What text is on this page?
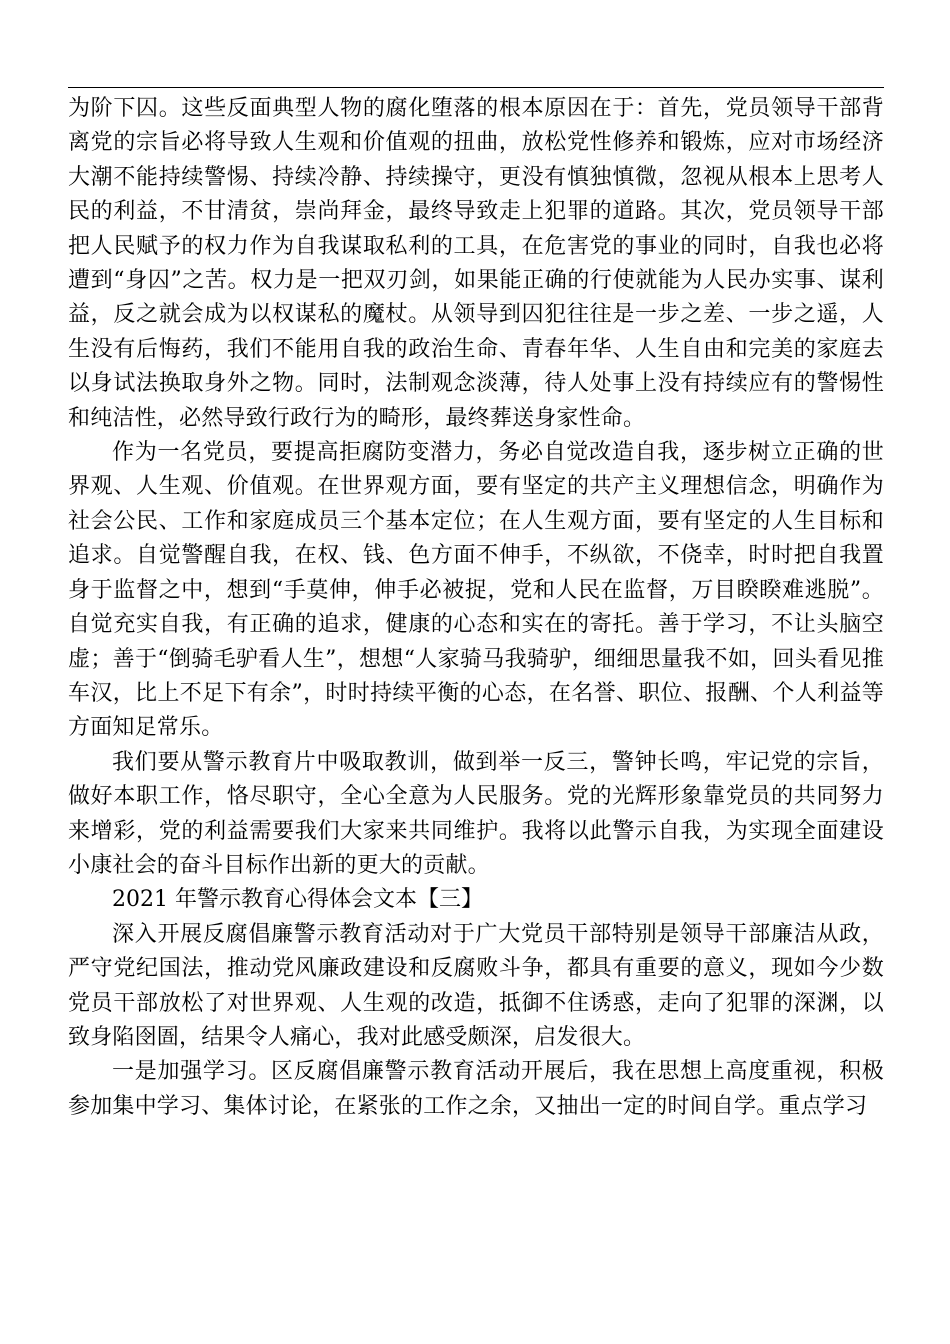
为阶下囚。这些反面典型人物的腐化堕落的根本原因在于：首先，党员领导干部背离党的宗旨必将导致人生观和价值观的扭曲，放松党性修养和锻炼，应对市场经济大潮不能持续警惕、持续冷静、持续操守，更没有慎独慎微，忽视从根本上思考人民的利益，不甘清贫，崇尚拜金，最终导致走上犯罪的道路。其次，党员领导干部把人民赋予的权力作为自我谋取私利的工具，在危害党的事业的同时，自我也必将遭到“身囚”之苦。权力是一把双刃剑，如果能正确的行使就能为人民办实事、谋利益，反之就会成为以权谋私的魔杖。从领导到囚犯往往是一步之差、一步之遥，人生没有后悔药，我们不能用自我的政治生命、青春年华、人生自由和完美的家庭去以身试法换取身外之物。同时，法制观念淡薄，待人处事上没有持续应有的警惕性和纯洁性，必然导致行政行为的畸形，最终葬送身家性命。

作为一名党员，要提高拒腐防变潜力，务必自觉改造自我，逐步树立正确的世界观、人生观、价值观。在世界观方面，要有坚定的共产主义理想信念，明确作为社会公民、工作和家庭成员三个基本定位；在人生观方面，要有坚定的人生目标和追求。自觉警醒自我，在权、钱、色方面不伸手，不纵欲，不侥幸，时时把自我置身于监督之中，想到“手莫伸，伸手必被捉，党和人民在监督，万目睽睽难逃脱”。自觉充实自我，有正确的追求，健康的心态和实在的寄托。善于学习，不让头脑空虚；善于“倒骑毛驴看人生”，想想“人家骑马我骑驴，细细思量我不如，回头看见推车汉，比上不足下有余”，时时持续平衡的心态，在名誉、职位、报酬、个人利益等方面知足常乐。

我们要从警示教育片中吸取教训，做到举一反三，警钟长鸣，牢记党的宗旨，做好本职工作，恪尽职守，全心全意为人民服务。党的光辉形象靠党员的共同努力来增彩，党的利益需要我们大家来共同维护。我将以此警示自我，为实现全面建设小康社会的奋斗目标作出新的更大的贡献。

2021 年警示教育心得体会文本【三】

深入开展反腐倡廉警示教育活动对于广大党员干部特别是领导干部廉洁从政，严守党纪国法，推动党风廉政建设和反腐败斗争，都具有重要的意义，现如今少数党员干部放松了对世界观、人生观的改造，抵御不住诱惑，走向了犯罪的深渊，以致身陷囹圄，结果令人痛心，我对此感受颇深，启发很大。

一是加强学习。区反腐倡廉警示教育活动开展后，我在思想上高度重视，积极参加集中学习、集体讨论，在紧张的工作之余，又抽出一定的时间自学。重点学习
